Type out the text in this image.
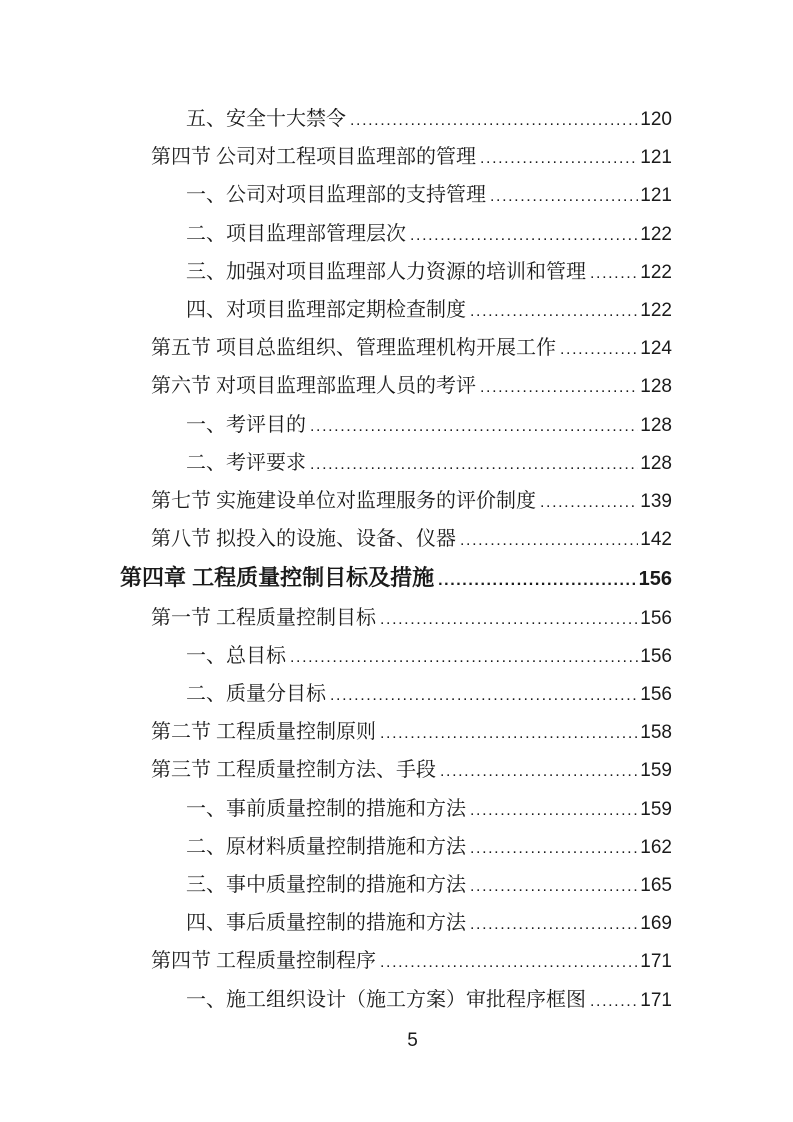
五、安全十大禁令 .....	120
第四节 公司对工程项目监理部的管理 .....	121
一、公司对项目监理部的支持管理 .....	121
二、项目监理部管理层次 .....	122
三、加强对项目监理部人力资源的培训和管理 .....	122
四、对项目监理部定期检查制度 .....	122
第五节 项目总监组织、管理监理机构开展工作 .....	124
第六节 对项目监理部监理人员的考评 .....	128
一、考评目的 .....	128
二、考评要求 .....	128
第七节 实施建设单位对监理服务的评价制度 .....	139
第八节 拟投入的设施、设备、仪器 .....	142
第四章 工程质量控制目标及措施 .....	156
第一节 工程质量控制目标 .....	156
一、总目标 .....	156
二、质量分目标 .....	156
第二节 工程质量控制原则 .....	158
第三节 工程质量控制方法、手段 .....	159
一、事前质量控制的措施和方法 .....	159
二、原材料质量控制措施和方法 .....	162
三、事中质量控制的措施和方法 .....	165
四、事后质量控制的措施和方法 .....	169
第四节 工程质量控制程序 .....	171
一、施工组织设计（施工方案）审批程序框图 .....	171
5
